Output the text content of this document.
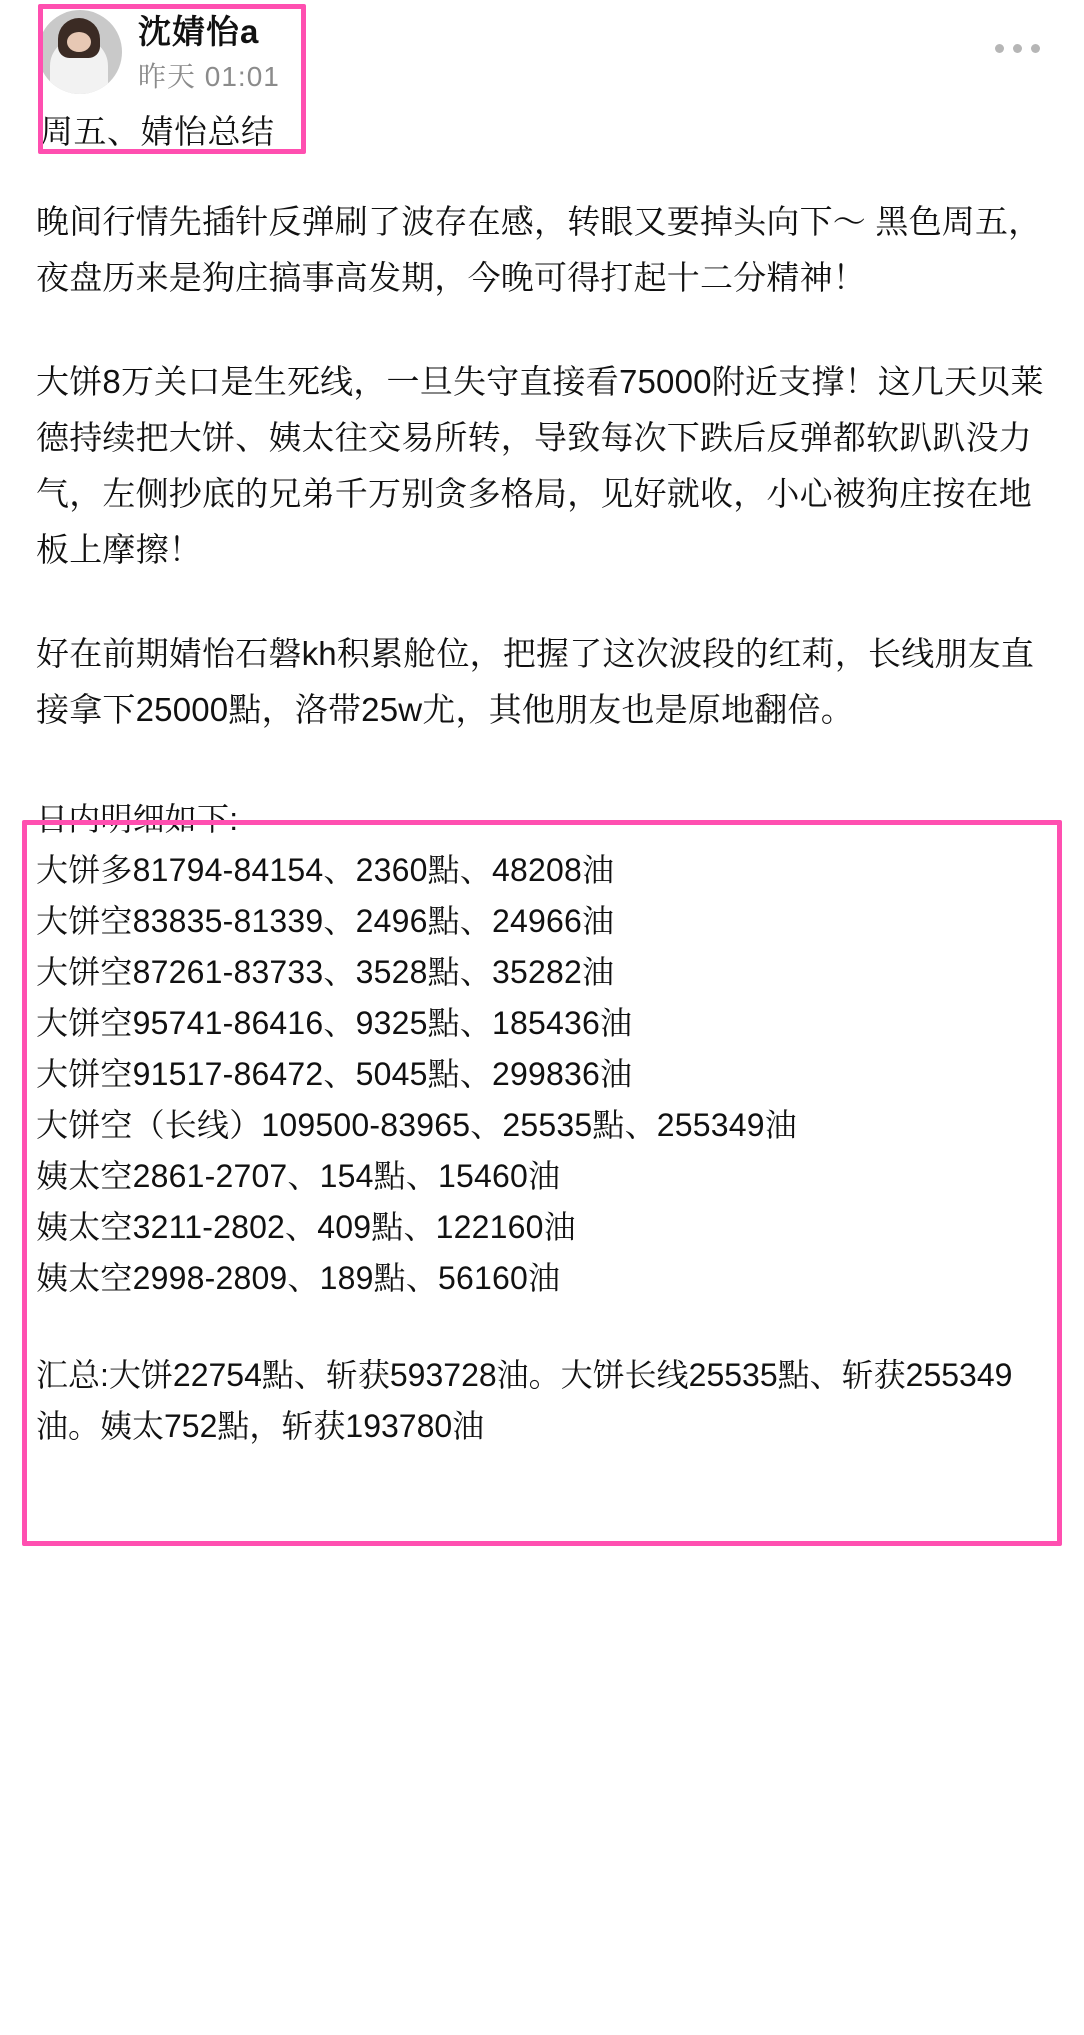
沈婧怡a
昨天 01:01
周五、婧怡总结

晚间行情先插针反弹刷了波存在感，转眼又要掉头向下～ 黑色周五，夜盘历来是狗庄搞事高发期，今晚可得打起十二分精神！

大饼8万关口是生死线，一旦失守直接看75000附近支撑！这几天贝莱德持续把大饼、姨太往交易所转，导致每次下跌后反弹都软趴趴没力气，左侧抄底的兄弟千万别贪多格局，见好就收，小心被狗庄按在地板上摩擦！

好在前期婧怡石磐kh积累舱位，把握了这次波段的红莉，长线朋友直接拿下25000點，洛带25w尤，其他朋友也是原地翻倍。

日内明细如下:
大饼多81794-84154、2360點、48208油
大饼空83835-81339、2496點、24966油
大饼空87261-83733、3528點、35282油
大饼空95741-86416、9325點、185436油
大饼空91517-86472、5045點、299836油
大饼空（长线）109500-83965、25535點、255349油
姨太空2861-2707、154點、15460油
姨太空3211-2802、409點、122160油
姨太空2998-2809、189點、56160油
汇总:大饼22754點、斩获593728油。大饼长线25535點、斩获255349油。姨太752點，斩获193780油
